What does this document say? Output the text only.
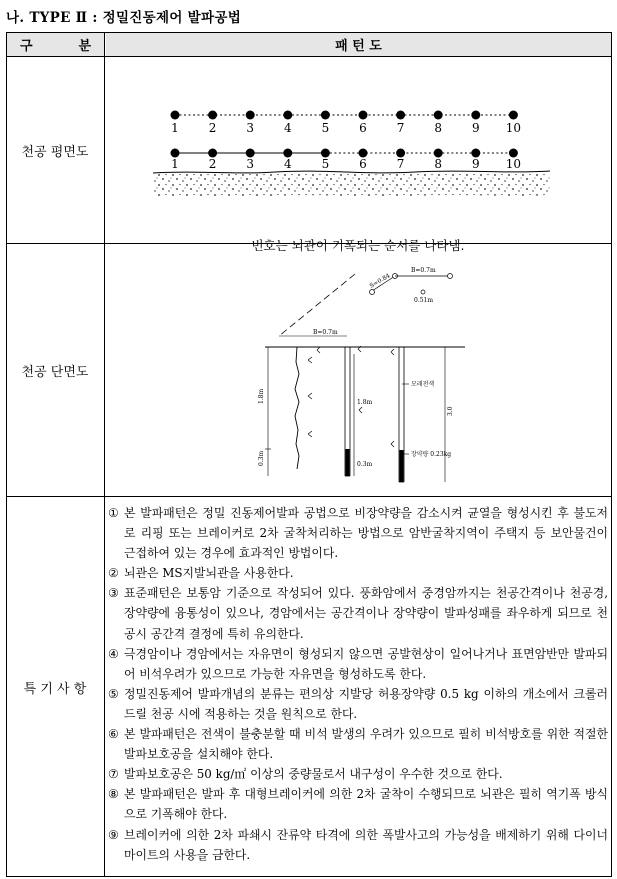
나. TYPE Ⅱ : 정밀진동제어 발파공법
구	분	패 턴 도
천공 평면도
천공 단면도
특 기 사 항
1 2 3 4 5 6 7 8 9 10
1 2 3 4 5 6 7 8 9 10
번호는 뇌관이 기폭되는 순서를 나타냄.
B=0.7m
S=0.84
0.51m
B=0.7m
1.8m
0.3m
1.8m
0.3m
모래전색
장약량 0.23kg
3.0
① 본 발파패턴은 정밀 진동제어발파 공법으로 비장약량을 감소시켜 균열을 형성시킨 후 불도저로 리핑 또는 브레이커로 2차 굴착처리하는 방법으로 암반굴착지역이 주택지 등 보안물건이 근접하여 있는 경우에 효과적인 방법이다.
② 뇌관은 MS지발뇌관을 사용한다.
③ 표준패턴은 보통암 기준으로 작성되어 있다. 풍화암에서 중경암까지는 천공간격이나 천공경, 장약량에 융통성이 있으나, 경암에서는 공간격이나 장약량이 발파성패를 좌우하게 되므로 천공시 공간격 결정에 특히 유의한다.
④ 극경암이나 경암에서는 자유면이 형성되지 않으면 공발현상이 일어나거나 표면암반만 발파되어 비석우려가 있으므로 가능한 자유면을 형성하도록 한다.
⑤ 정밀진동제어 발파개념의 분류는 편의상 지발당 허용장약량 0.5 kg 이하의 개소에서 크롤러드릴 천공 시에 적용하는 것을 원칙으로 한다.
⑥ 본 발파패턴은 전색이 불충분할 때 비석 발생의 우려가 있으므로 필히 비석방호를 위한 적절한 발파보호공을 설치해야 한다.
⑦ 발파보호공은 50 kg/㎡ 이상의 중량물로서 내구성이 우수한 것으로 한다.
⑧ 본 발파패턴은 발파 후 대형브레이커에 의한 2차 굴착이 수행되므로 뇌관은 필히 역기폭 방식으로 기폭해야 한다.
⑨ 브레이커에 의한 2차 파쇄시 잔류약 타격에 의한 폭발사고의 가능성을 배제하기 위해 다이너마이트의 사용을 금한다.
